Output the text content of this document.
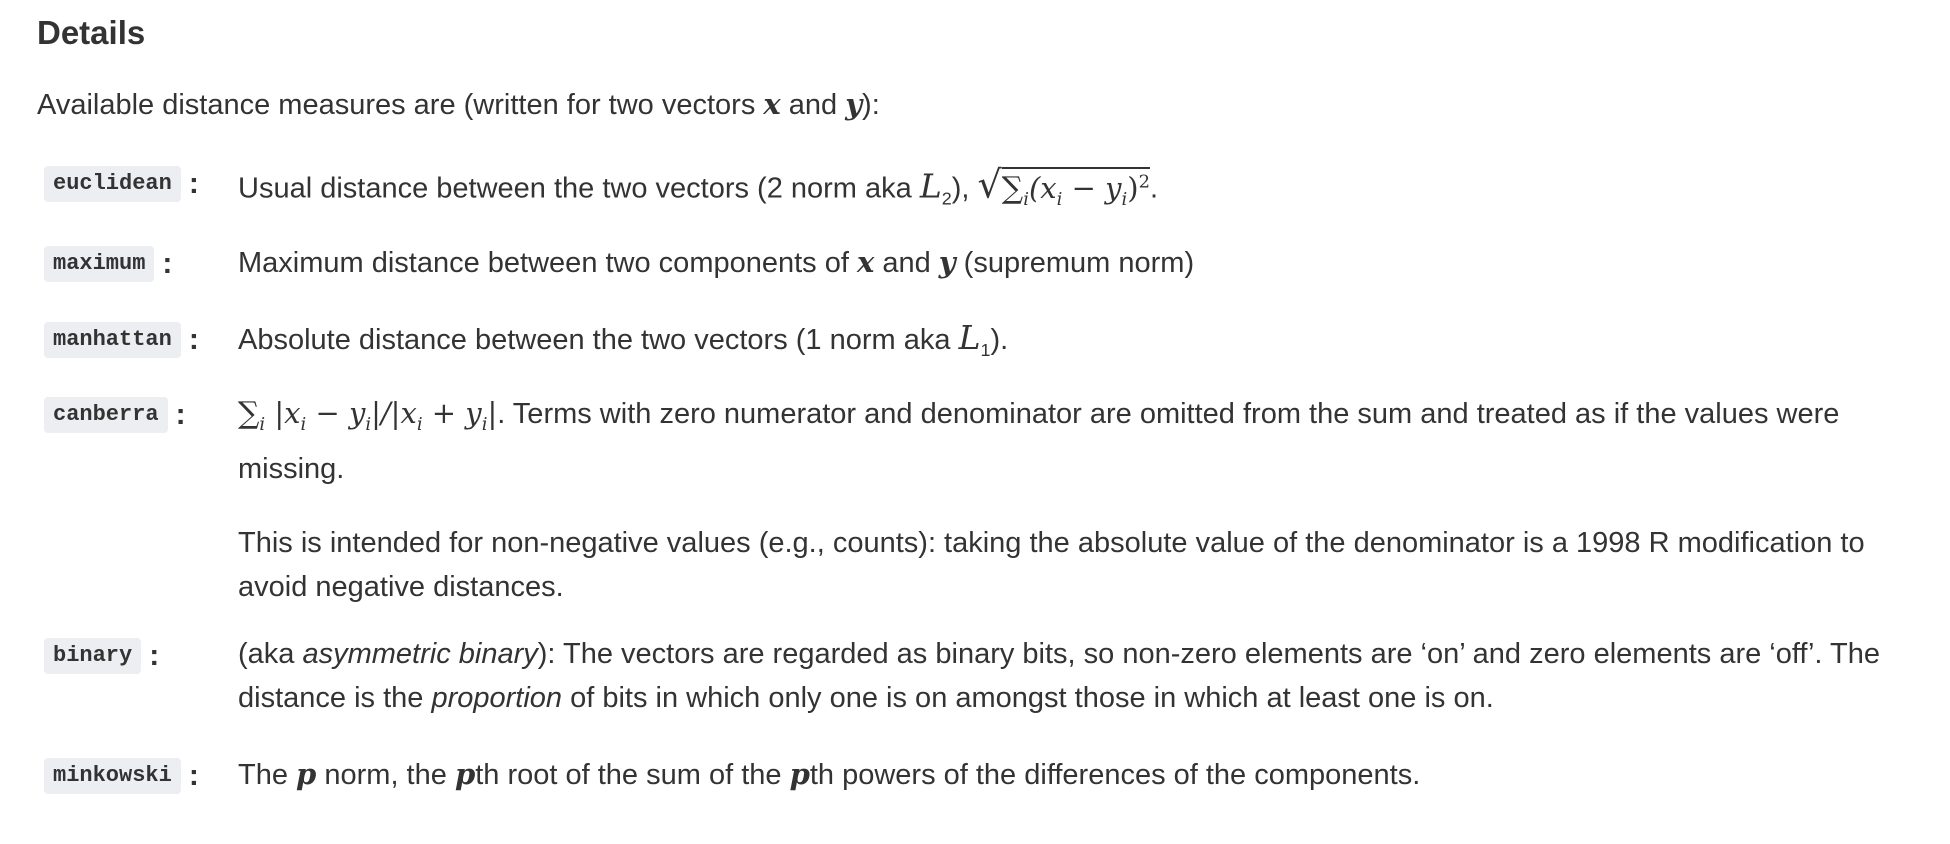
Details
Available distance measures are (written for two vectors x and y):
euclidean : Usual distance between the two vectors (2 norm aka $L_2$), $√\sum_i(x_i - y_i)^2$.
maximum : Maximum distance between two components of x and y (supremum norm)
manhattan : Absolute distance between the two vectors (1 norm aka $L_1$).
canberra : $\sum_i$ $|x_i - y_i|/|x_i + y_i|$. Terms with zero numerator and denominator are omitted from the sum and treated as if the values were missing.

This is intended for non-negative values (e.g., counts): taking the absolute value of the denominator is a 1998 R modification to avoid negative distances.

binary :	(aka asymmetric binary): The vectors are regarded as binary bits, so non-zero elements are ‘on’ and zero elements are ‘off’. The distance is the proportion of bits in which only one is on amongst those in which at least one is on.
minkowski : The p norm, the pth root of the sum of the pth powers of the differences of the components.
